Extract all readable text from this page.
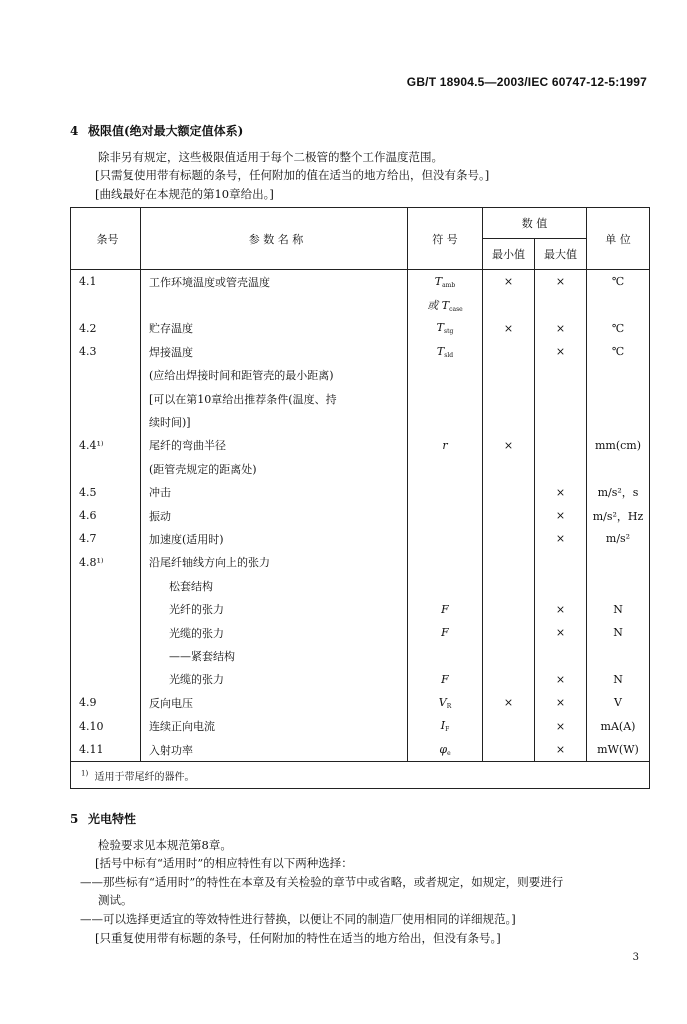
GB/T 18904.5—2003/IEC 60747-12-5:1997
4 极限值(绝对最大额定值体系)
除非另有规定，这些极限值适用于每个二极管的整个工作温度范围。
[只需复使用带有标题的条号，任何附加的值在适当的地方给出，但没有条号。]
[曲线最好在本规范的第10章给出。]
条号	参 数 名 称	符 号	数 值		单 位
			最小值	最大值	
4.1	工作环境温度或管壳温度	Tamb	×	×	℃
		或 Tcase			
4.2	贮存温度	Tstg	×	×	℃
4.3	焊接温度	Tsld		×	℃
	(应给出焊接时间和距管壳的最小距离)				
	[可以在第10章给出推荐条件(温度、持				
	续时间)]				
4.4¹⁾	尾纤的弯曲半径	r	×		mm(cm)
	(距管壳规定的距离处)				
4.5	冲击			×	m/s²，s
4.6	振动			×	m/s²，Hz
4.7	加速度(适用时)			×	m/s²
4.8¹⁾	沿尾纤轴线方向上的张力				
	松套结构				
	光纤的张力	F		×	N
	光缆的张力	F		×	N
	——紧套结构				
	光缆的张力	F		×	N
4.9	反向电压	VR	×	×	V
4.10	连续正向电流	IF		×	mA(A)
4.11	入射功率	φe		×	mW(W)
$^{1)}$ 适用于带尾纤的器件。					
5 光电特性
检验要求见本规范第8章。
[括号中标有“适用时”的相应特性有以下两种选择：
——那些标有“适用时”的特性在本章及有关检验的章节中或省略，或者规定，如规定，则要进行
测试。
——可以选择更适宜的等效特性进行替换，以便让不同的制造厂使用相同的详细规范。]
[只重复使用带有标题的条号，任何附加的特性在适当的地方给出，但没有条号。]
3
